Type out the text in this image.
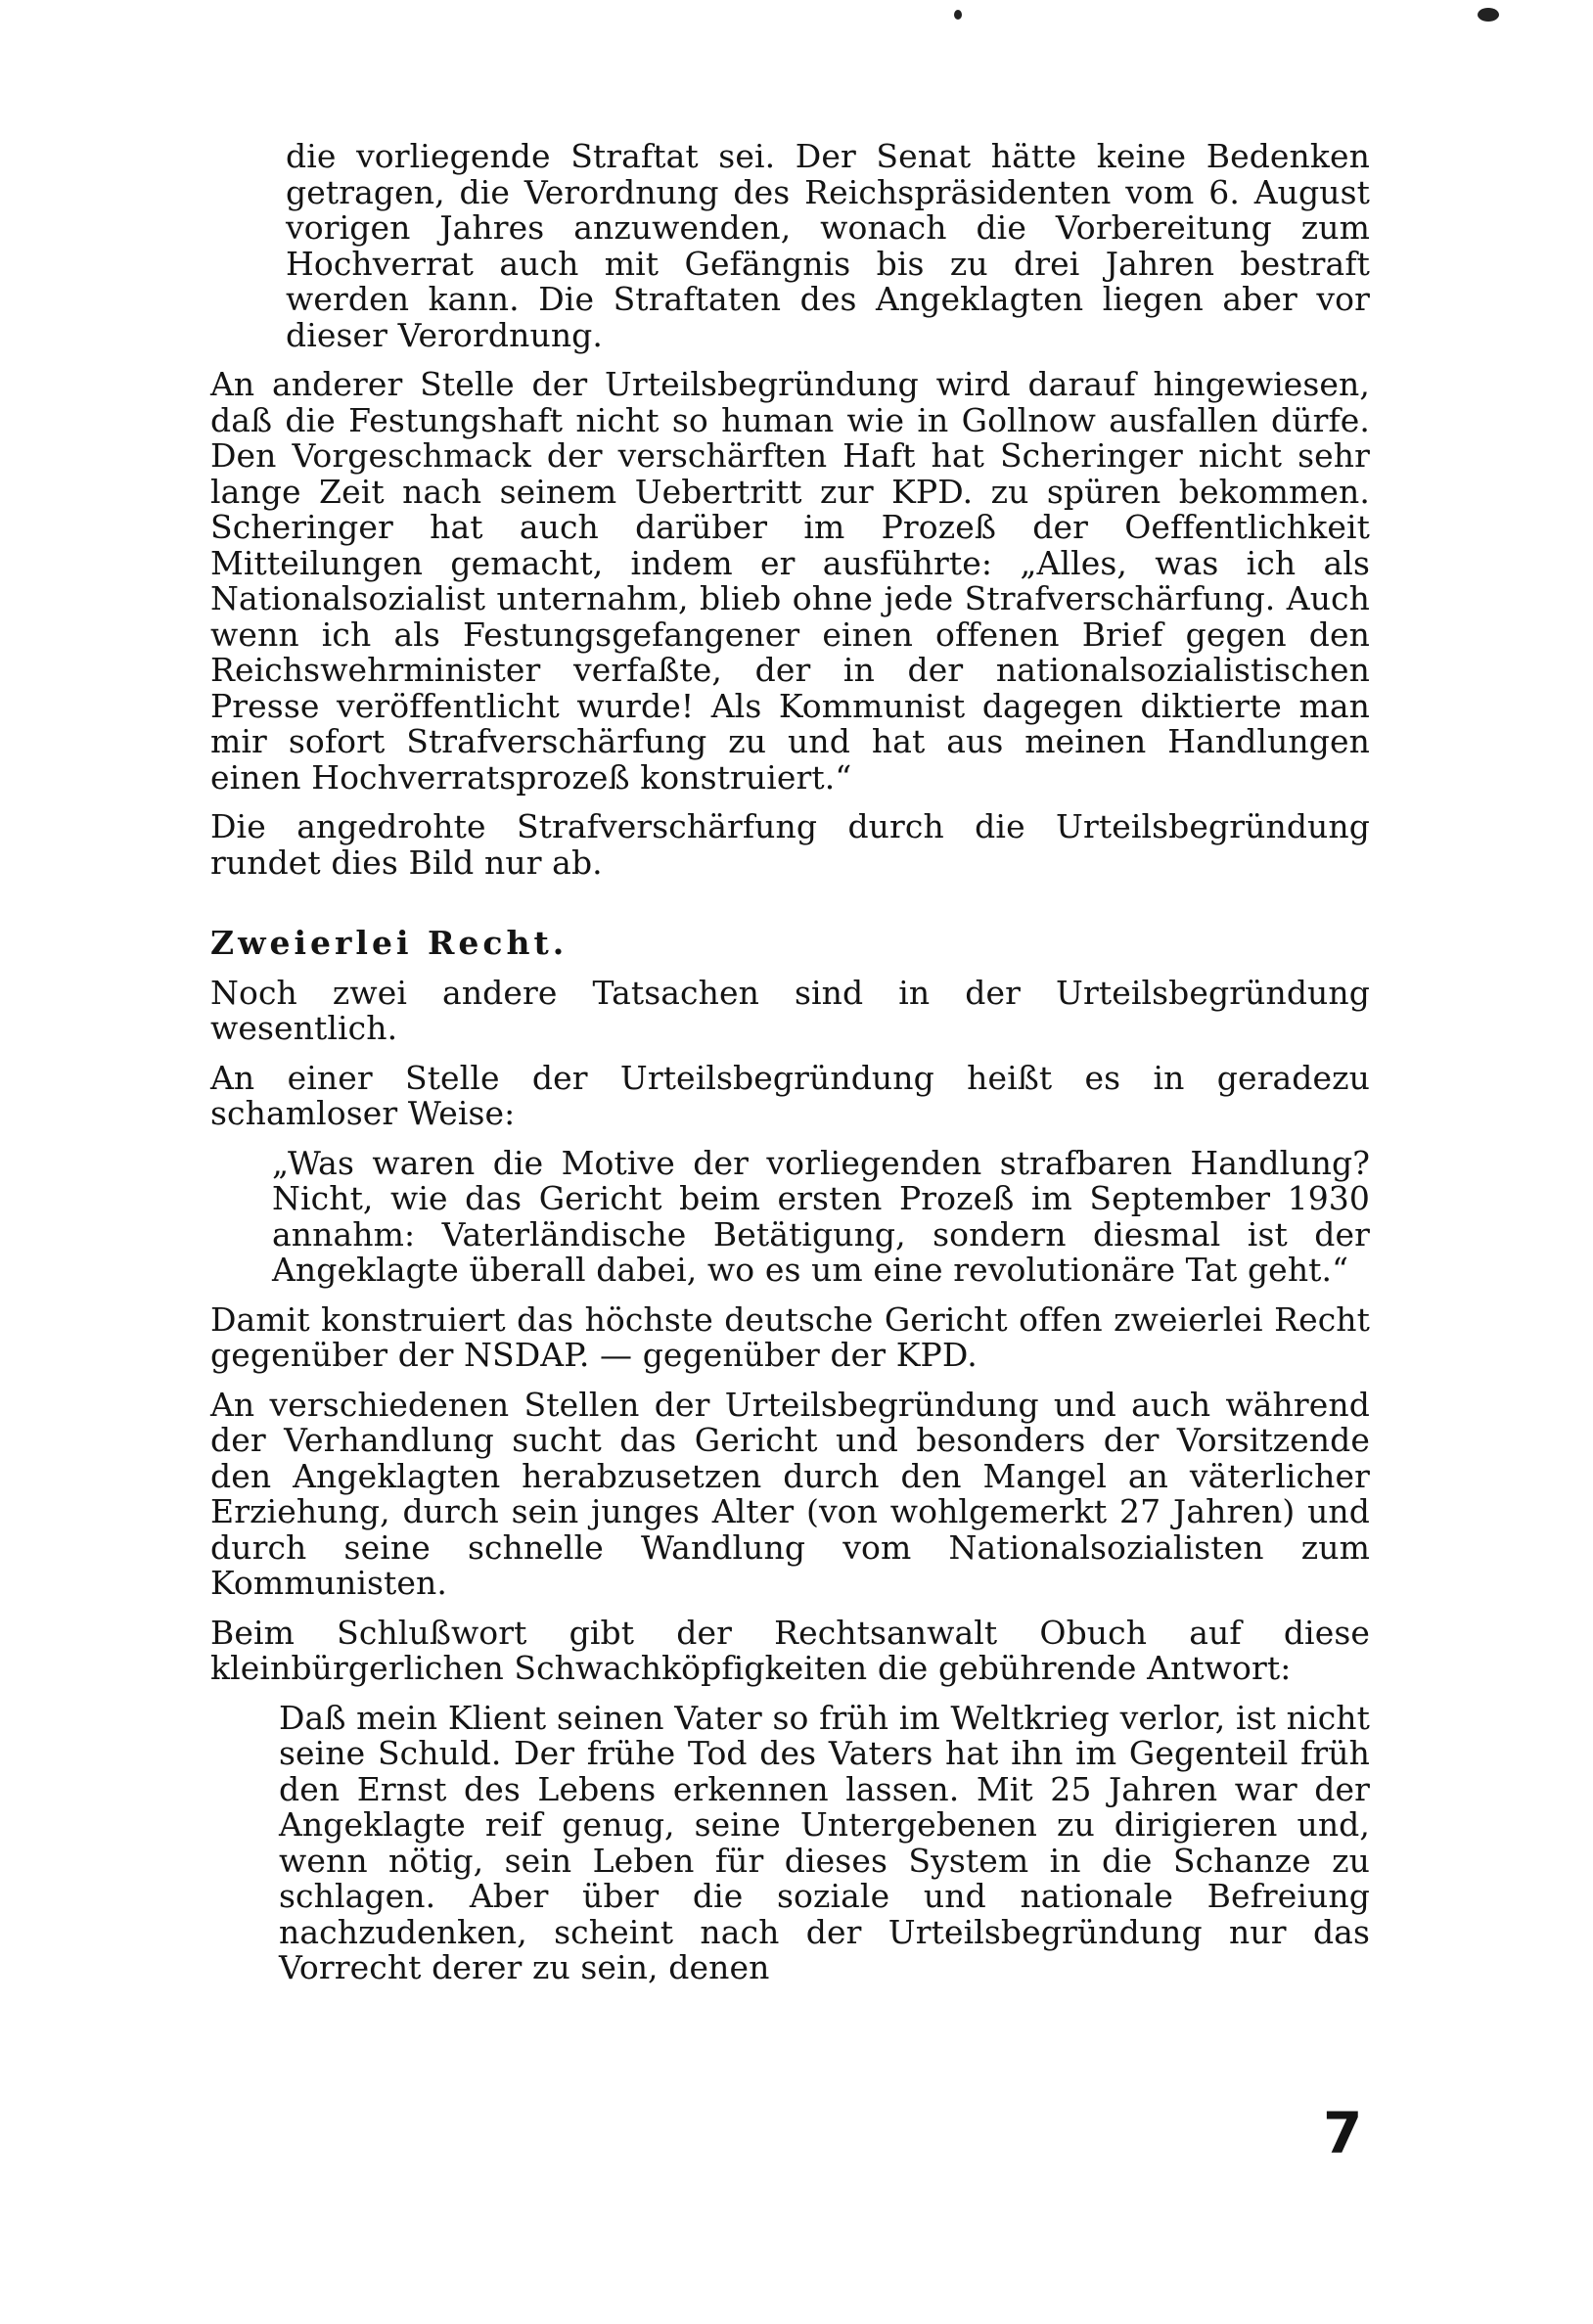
die vorliegende Straftat sei. Der Senat hätte keine Bedenken getragen, die Verordnung des Reichspräsidenten vom 6. August vorigen Jahres anzuwenden, wonach die Vorbereitung zum Hochverrat auch mit Gefängnis bis zu drei Jahren bestraft werden kann. Die Straftaten des Angeklagten liegen aber vor dieser Verordnung.

An anderer Stelle der Urteilsbegründung wird darauf hingewiesen, daß die Festungshaft nicht so human wie in Gollnow ausfallen dürfe. Den Vorgeschmack der verschärften Haft hat Scheringer nicht sehr lange Zeit nach seinem Uebertritt zur KPD. zu spüren bekommen. Scheringer hat auch darüber im Prozeß der Oeffentlichkeit Mitteilungen gemacht, indem er ausführte: „Alles, was ich als Nationalsozialist unternahm, blieb ohne jede Strafverschärfung. Auch wenn ich als Festungsgefangener einen offenen Brief gegen den Reichswehrminister verfaßte, der in der nationalsozialistischen Presse veröffentlicht wurde! Als Kommunist dagegen diktierte man mir sofort Strafverschärfung zu und hat aus meinen Handlungen einen Hochverratsprozeß konstruiert.“

Die angedrohte Strafverschärfung durch die Urteilsbegründung rundet dies Bild nur ab.

Zweierlei Recht.

Noch zwei andere Tatsachen sind in der Urteilsbegründung wesentlich.

An einer Stelle der Urteilsbegründung heißt es in geradezu schamloser Weise:

„Was waren die Motive der vorliegenden strafbaren Handlung? Nicht, wie das Gericht beim ersten Prozeß im September 1930 annahm: Vaterländische Betätigung, sondern diesmal ist der Angeklagte überall dabei, wo es um eine revolutionäre Tat geht.“

Damit konstruiert das höchste deutsche Gericht offen zweierlei Recht gegenüber der NSDAP. — gegenüber der KPD.

An verschiedenen Stellen der Urteilsbegründung und auch während der Verhandlung sucht das Gericht und besonders der Vorsitzende den Angeklagten herabzusetzen durch den Mangel an väterlicher Erziehung, durch sein junges Alter (von wohlgemerkt 27 Jahren) und durch seine schnelle Wandlung vom Nationalsozialisten zum Kommunisten.

Beim Schlußwort gibt der Rechtsanwalt Obuch auf diese kleinbürgerlichen Schwachköpfigkeiten die gebührende Antwort:

Daß mein Klient seinen Vater so früh im Weltkrieg verlor, ist nicht seine Schuld. Der frühe Tod des Vaters hat ihn im Gegenteil früh den Ernst des Lebens erkennen lassen. Mit 25 Jahren war der Angeklagte reif genug, seine Untergebenen zu dirigieren und, wenn nötig, sein Leben für dieses System in die Schanze zu schlagen. Aber über die soziale und nationale Befreiung nachzudenken, scheint nach der Urteilsbegründung nur das Vorrecht derer zu sein, denen

7
